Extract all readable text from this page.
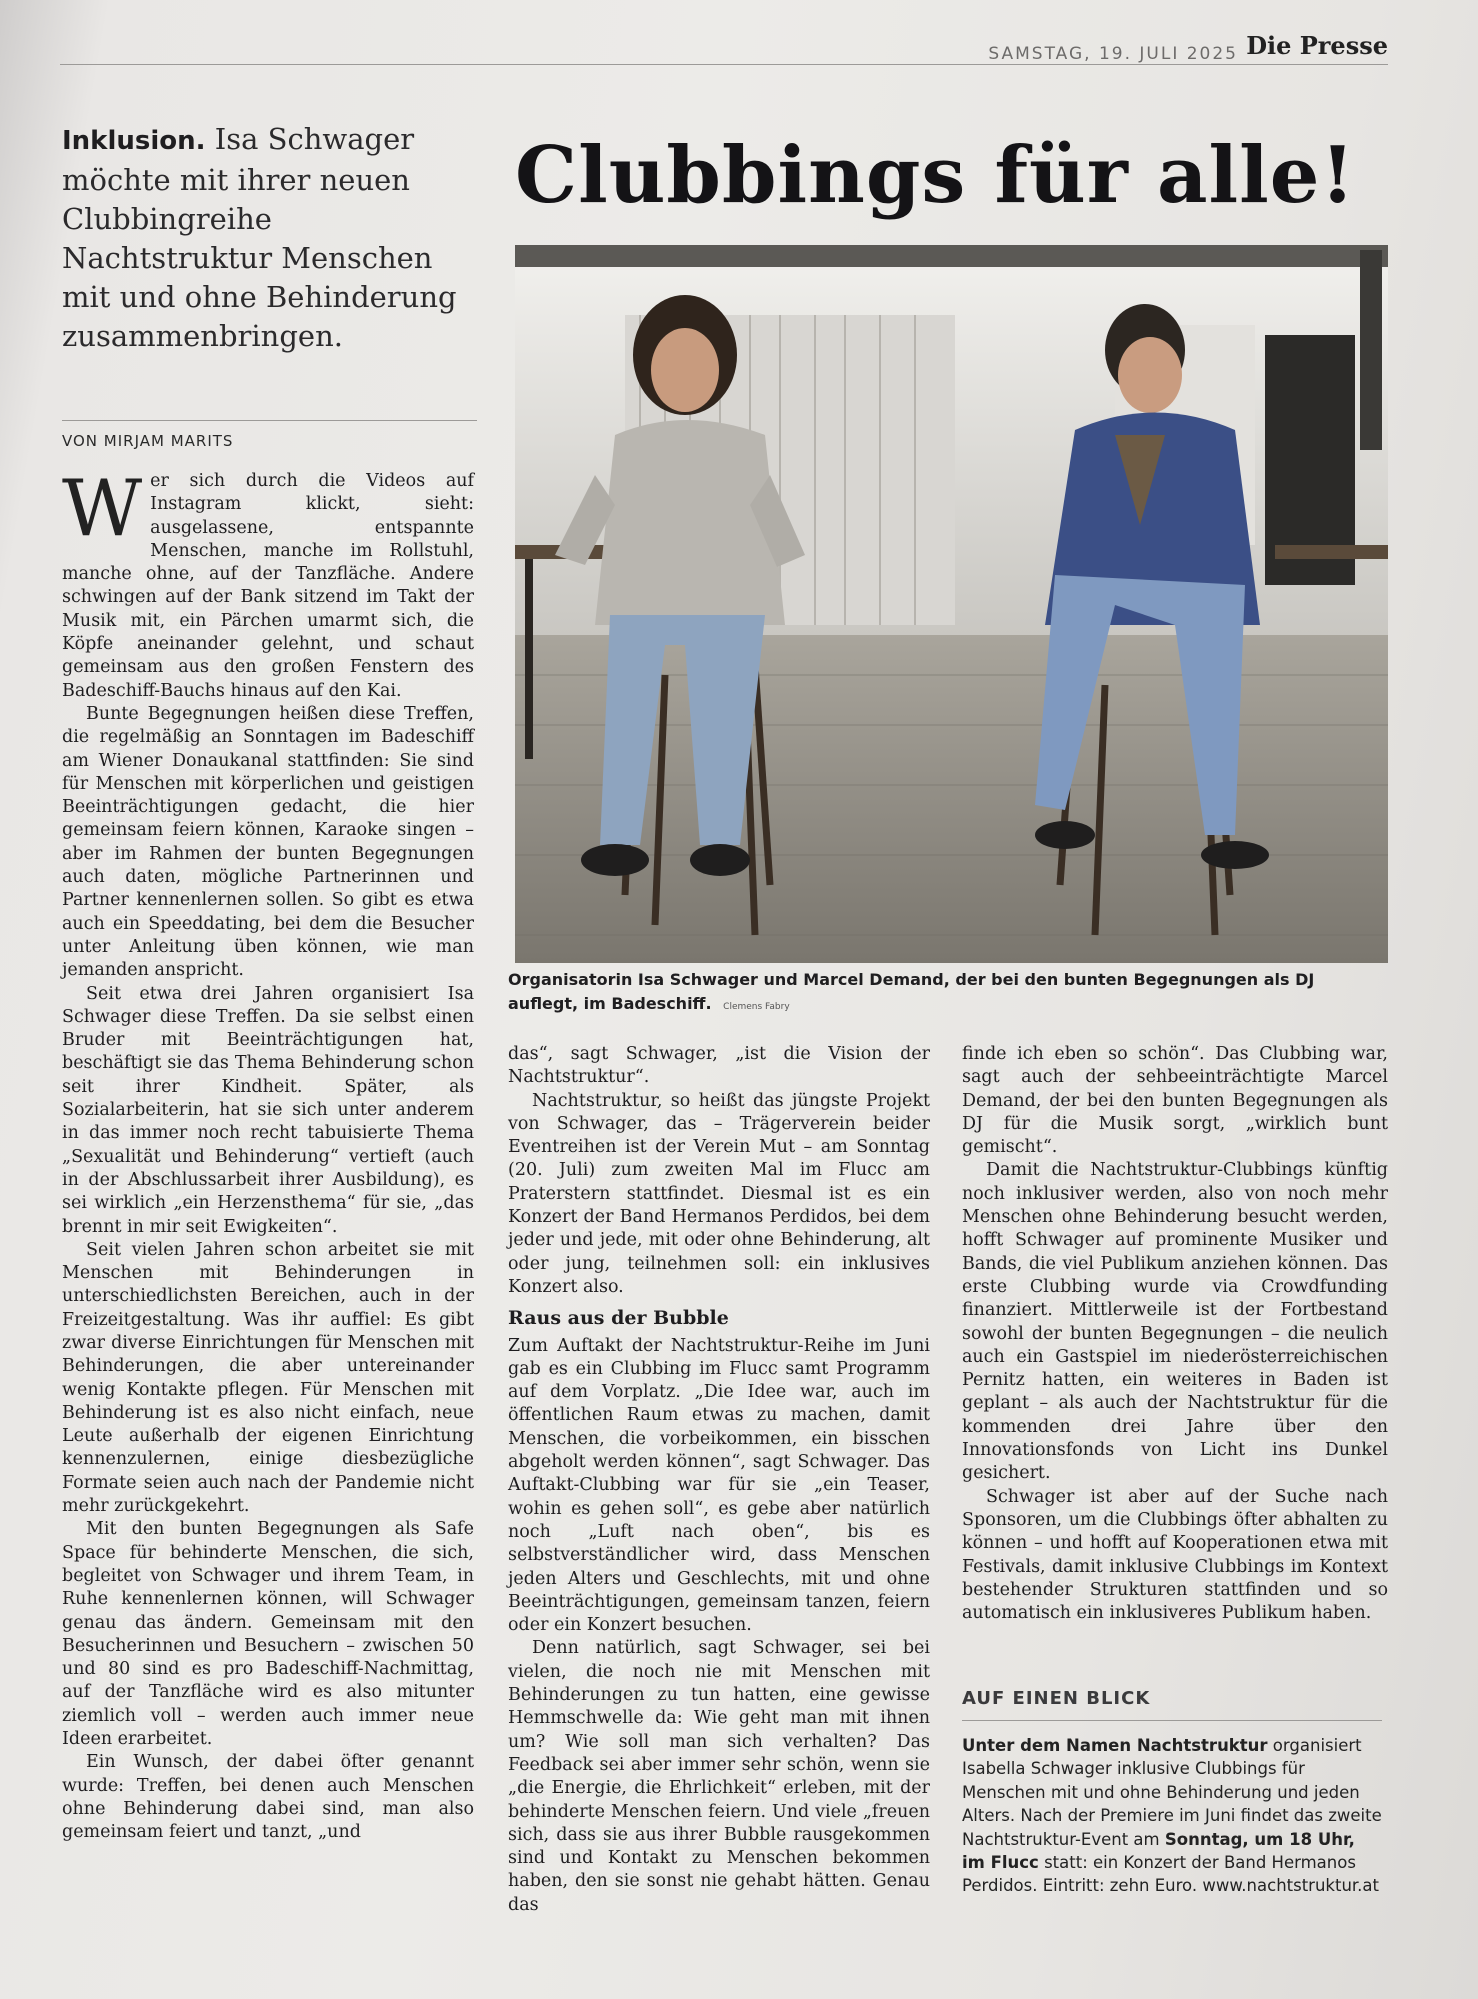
SAMSTAG, 19. JULI 2025 Die Presse
Inklusion. Isa Schwager möchte mit ihrer neuen Clubbingreihe Nachtstruktur Menschen mit und ohne Behinderung zusammenbringen.
VON MIRJAM MARITS
Clubbings für alle!
Organisatorin Isa Schwager und Marcel Demand, der bei den bunten Begegnungen als DJ auflegt, im Badeschiff. Clemens Fabry

Wer sich durch die Videos auf Instagram klickt, sieht: ausgelassene, entspannte Menschen, manche im Rollstuhl, manche ohne, auf der Tanzfläche. Andere schwingen auf der Bank sitzend im Takt der Musik mit, ein Pärchen umarmt sich, die Köpfe aneinander gelehnt, und schaut gemeinsam aus den großen Fenstern des Badeschiff-Bauchs hinaus auf den Kai.

Bunte Begegnungen heißen diese Treffen, die regelmäßig an Sonntagen im Badeschiff am Wiener Donaukanal stattfinden: Sie sind für Menschen mit körperlichen und geistigen Beeinträchtigungen gedacht, die hier gemeinsam feiern können, Karaoke singen – aber im Rahmen der bunten Begegnungen auch daten, mögliche Partnerinnen und Partner kennenlernen sollen. So gibt es etwa auch ein Speeddating, bei dem die Besucher unter Anleitung üben können, wie man jemanden anspricht.

Seit etwa drei Jahren organisiert Isa Schwager diese Treffen. Da sie selbst einen Bruder mit Beeinträchtigungen hat, beschäftigt sie das Thema Behinderung schon seit ihrer Kindheit. Später, als Sozialarbeiterin, hat sie sich unter anderem in das immer noch recht tabuisierte Thema „Sexualität und Behinderung“ vertieft (auch in der Abschlussarbeit ihrer Ausbildung), es sei wirklich „ein Herzensthema“ für sie, „das brennt in mir seit Ewigkeiten“.

Seit vielen Jahren schon arbeitet sie mit Menschen mit Behinderungen in unterschiedlichsten Bereichen, auch in der Freizeitgestaltung. Was ihr auffiel: Es gibt zwar diverse Einrichtungen für Menschen mit Behinderungen, die aber untereinander wenig Kontakte pflegen. Für Menschen mit Behinderung ist es also nicht einfach, neue Leute außerhalb der eigenen Einrichtung kennenzulernen, einige diesbezügliche Formate seien auch nach der Pandemie nicht mehr zurückgekehrt.

Mit den bunten Begegnungen als Safe Space für behinderte Menschen, die sich, begleitet von Schwager und ihrem Team, in Ruhe kennenlernen können, will Schwager genau das ändern. Gemeinsam mit den Besucherinnen und Besuchern – zwischen 50 und 80 sind es pro Badeschiff-Nachmittag, auf der Tanzfläche wird es also mitunter ziemlich voll – werden auch immer neue Ideen erarbeitet.

Ein Wunsch, der dabei öfter genannt wurde: Treffen, bei denen auch Menschen ohne Behinderung dabei sind, man also gemeinsam feiert und tanzt, „und

das“, sagt Schwager, „ist die Vision der Nachtstruktur“.

Nachtstruktur, so heißt das jüngste Projekt von Schwager, das – Trägerverein beider Eventreihen ist der Verein Mut – am Sonntag (20. Juli) zum zweiten Mal im Flucc am Praterstern stattfindet. Diesmal ist es ein Konzert der Band Hermanos Perdidos, bei dem jeder und jede, mit oder ohne Behinderung, alt oder jung, teilnehmen soll: ein inklusives Konzert also.

Raus aus der Bubble

Zum Auftakt der Nachtstruktur-Reihe im Juni gab es ein Clubbing im Flucc samt Programm auf dem Vorplatz. „Die Idee war, auch im öffentlichen Raum etwas zu machen, damit Menschen, die vorbeikommen, ein bisschen abgeholt werden können“, sagt Schwager. Das Auftakt-Clubbing war für sie „ein Teaser, wohin es gehen soll“, es gebe aber natürlich noch „Luft nach oben“, bis es selbstverständlicher wird, dass Menschen jeden Alters und Geschlechts, mit und ohne Beeinträchtigungen, gemeinsam tanzen, feiern oder ein Konzert besuchen.

Denn natürlich, sagt Schwager, sei bei vielen, die noch nie mit Menschen mit Behinderungen zu tun hatten, eine gewisse Hemmschwelle da: Wie geht man mit ihnen um? Wie soll man sich verhalten? Das Feedback sei aber immer sehr schön, wenn sie „die Energie, die Ehrlichkeit“ erleben, mit der behinderte Menschen feiern. Und viele „freuen sich, dass sie aus ihrer Bubble rausgekommen sind und Kontakt zu Menschen bekommen haben, den sie sonst nie gehabt hätten. Genau das

finde ich eben so schön“. Das Clubbing war, sagt auch der sehbeeinträchtigte Marcel Demand, der bei den bunten Begegnungen als DJ für die Musik sorgt, „wirklich bunt gemischt“.

Damit die Nachtstruktur-Clubbings künftig noch inklusiver werden, also von noch mehr Menschen ohne Behinderung besucht werden, hofft Schwager auf prominente Musiker und Bands, die viel Publikum anziehen können. Das erste Clubbing wurde via Crowdfunding finanziert. Mittlerweile ist der Fortbestand sowohl der bunten Begegnungen – die neulich auch ein Gastspiel im niederösterreichischen Pernitz hatten, ein weiteres in Baden ist geplant – als auch der Nachtstruktur für die kommenden drei Jahre über den Innovationsfonds von Licht ins Dunkel gesichert.

Schwager ist aber auf der Suche nach Sponsoren, um die Clubbings öfter abhalten zu können – und hofft auf Kooperationen etwa mit Festivals, damit inklusive Clubbings im Kontext bestehender Strukturen stattfinden und so automatisch ein inklusiveres Publikum haben.

AUF EINEN BLICK
Unter dem Namen Nachtstruktur organisiert Isabella Schwager inklusive Clubbings für Menschen mit und ohne Behinderung und jeden Alters. Nach der Premiere im Juni findet das zweite Nachtstruktur-Event am Sonntag, um 18 Uhr, im Flucc statt: ein Konzert der Band Hermanos Perdidos. Eintritt: zehn Euro. www.nachtstruktur.at
